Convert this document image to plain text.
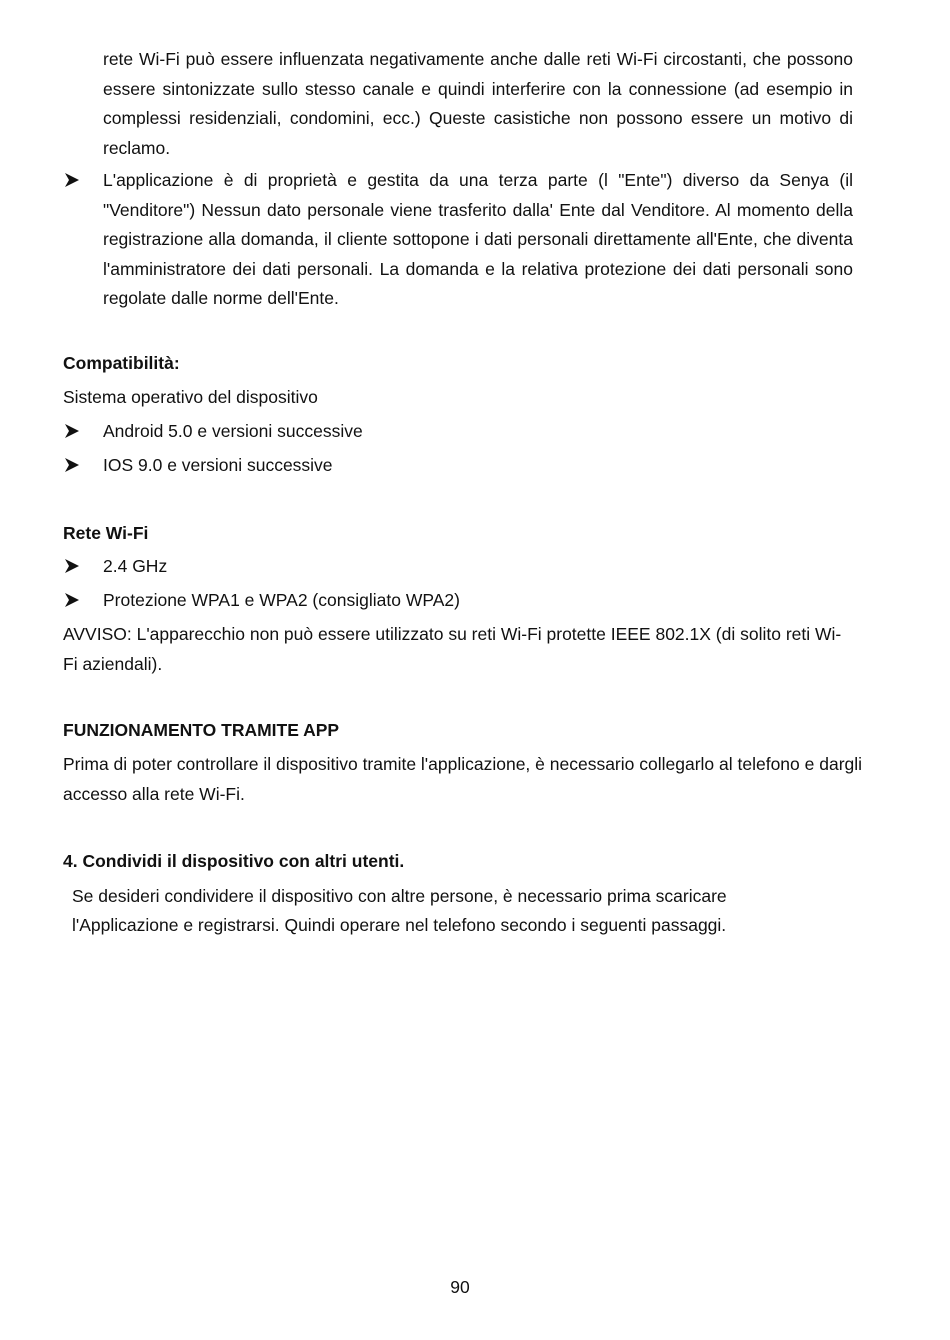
rete Wi-Fi può essere influenzata negativamente anche dalle reti Wi-Fi circostanti, che possono essere sintonizzate sullo stesso canale e quindi interferire con la connessione (ad esempio in complessi residenziali, condomini, ecc.) Queste casistiche non possono essere un motivo di reclamo.

L'applicazione è di proprietà e gestita da una terza parte (l "Ente") diverso da Senya (il "Venditore") Nessun dato personale viene trasferito dalla' Ente dal Venditore. Al momento della registrazione alla domanda, il cliente sottopone i dati personali direttamente all'Ente, che diventa l'amministratore dei dati personali. La domanda e la relativa protezione dei dati personali sono regolate dalle norme dell'Ente.

Compatibilità:

Sistema operativo del dispositivo

Android 5.0 e versioni successive
IOS 9.0 e versioni successive

Rete Wi-Fi

2.4 GHz
Protezione WPA1 e WPA2 (consigliato WPA2)

AVVISO: L'apparecchio non può essere utilizzato su reti Wi-Fi protette IEEE 802.1X (di solito reti Wi-Fi aziendali).

FUNZIONAMENTO TRAMITE APP

Prima di poter controllare il dispositivo tramite l'applicazione, è necessario collegarlo al telefono e dargli accesso alla rete Wi-Fi.

4. Condividi il dispositivo con altri utenti.

Se desideri condividere il dispositivo con altre persone, è necessario prima scaricare

l'Applicazione e registrarsi. Quindi operare nel telefono secondo i seguenti passaggi.

90
